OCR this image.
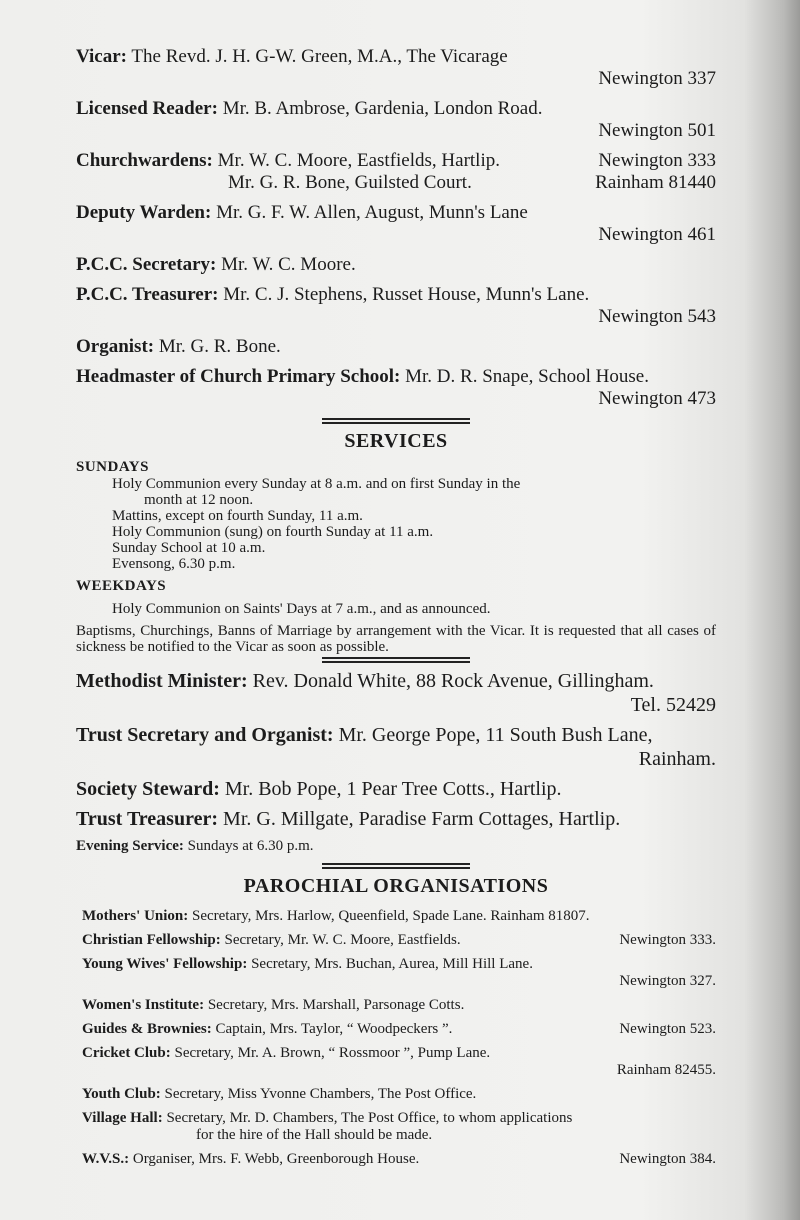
Vicar: The Revd. J. H. G-W. Green, M.A., The Vicarage
Newington 337
Licensed Reader: Mr. B. Ambrose, Gardenia, London Road.
Newington 501
Churchwardens: Mr. W. C. Moore, Eastfields, Hartlip.	Newington 333
Mr. G. R. Bone, Guilsted Court.	Rainham 81440
Deputy Warden: Mr. G. F. W. Allen, August, Munn's Lane
Newington 461
P.C.C. Secretary: Mr. W. C. Moore.
P.C.C. Treasurer: Mr. C. J. Stephens, Russet House, Munn's Lane.
Newington 543
Organist: Mr. G. R. Bone.
Headmaster of Church Primary School: Mr. D. R. Snape, School House.
Newington 473
SERVICES
SUNDAYS
Holy Communion every Sunday at 8 a.m. and on first Sunday in the
month at 12 noon.
Mattins, except on fourth Sunday, 11 a.m.
Holy Communion (sung) on fourth Sunday at 11 a.m.
Sunday School at 10 a.m.
Evensong, 6.30 p.m.
WEEKDAYS
Holy Communion on Saints' Days at 7 a.m., and as announced.
Baptisms, Churchings, Banns of Marriage by arrangement with the Vicar. It is requested that all cases of sickness be notified to the Vicar as soon as possible.
Methodist Minister: Rev. Donald White, 88 Rock Avenue, Gillingham.
Tel. 52429
Trust Secretary and Organist: Mr. George Pope, 11 South Bush Lane,
Rainham.
Society Steward: Mr. Bob Pope, 1 Pear Tree Cotts., Hartlip.
Trust Treasurer: Mr. G. Millgate, Paradise Farm Cottages, Hartlip.
Evening Service: Sundays at 6.30 p.m.
PAROCHIAL ORGANISATIONS
Mothers' Union: Secretary, Mrs. Harlow, Queenfield, Spade Lane. Rainham 81807.
Christian Fellowship: Secretary, Mr. W. C. Moore, Eastfields.	Newington 333.
Young Wives' Fellowship: Secretary, Mrs. Buchan, Aurea, Mill Hill Lane.
Newington 327.
Women's Institute: Secretary, Mrs. Marshall, Parsonage Cotts.
Guides & Brownies: Captain, Mrs. Taylor, “ Woodpeckers ”.	Newington 523.
Cricket Club: Secretary, Mr. A. Brown, “ Rossmoor ”, Pump Lane.
Rainham 82455.
Youth Club: Secretary, Miss Yvonne Chambers, The Post Office.
Village Hall: Secretary, Mr. D. Chambers, The Post Office, to whom applications
for the hire of the Hall should be made.
W.V.S.: Organiser, Mrs. F. Webb, Greenborough House.	Newington 384.
